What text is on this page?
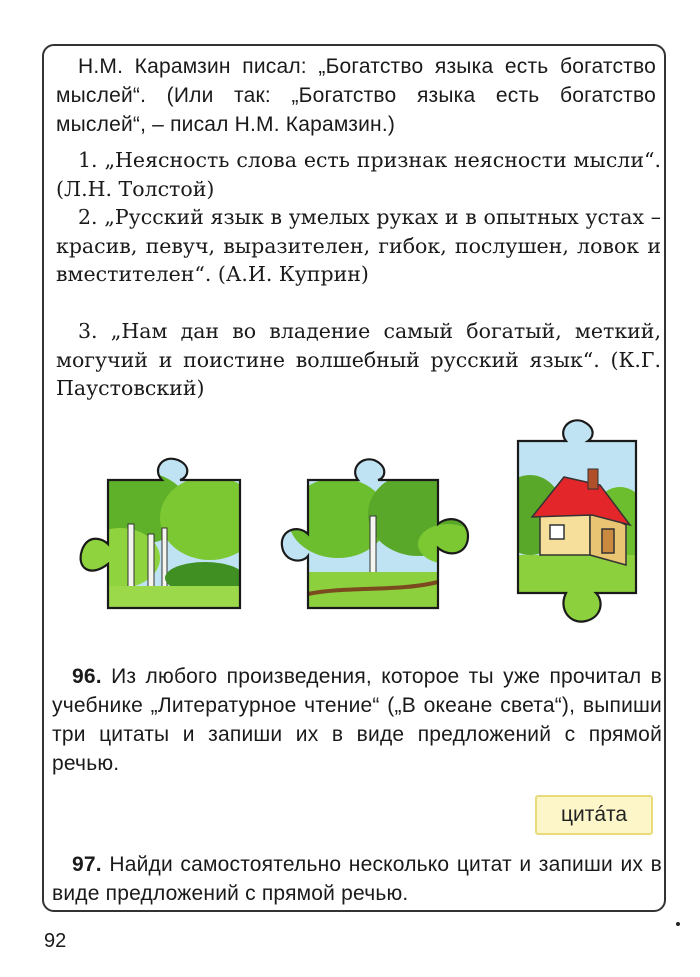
Н.М. Карамзин писал: „Богатство языка есть богатство мыслей“. (Или так: „Богатство языка есть богатство мыслей“, – писал Н.М. Карамзин.)

1. „Неясность слова есть признак неясности мысли“. (Л.Н. Толстой)

2. „Русский язык в умелых руках и в опытных устах – красив, певуч, выразителен, гибок, послушен, ловок и вместителен“. (А.И. Куприн)

3. „Нам дан во владение самый богатый, меткий, могучий и поистине волшебный русский язык“. (К.Г. Паустовский)

96. Из любого произведения, которое ты уже прочитал в учебнике „Литературное чтение“ („В океане света“), выпиши три цитаты и запиши их в виде предложений с прямой речью.

цитáта

97. Найди самостоятельно несколько цитат и запиши их в виде предложений с прямой речью.

92
